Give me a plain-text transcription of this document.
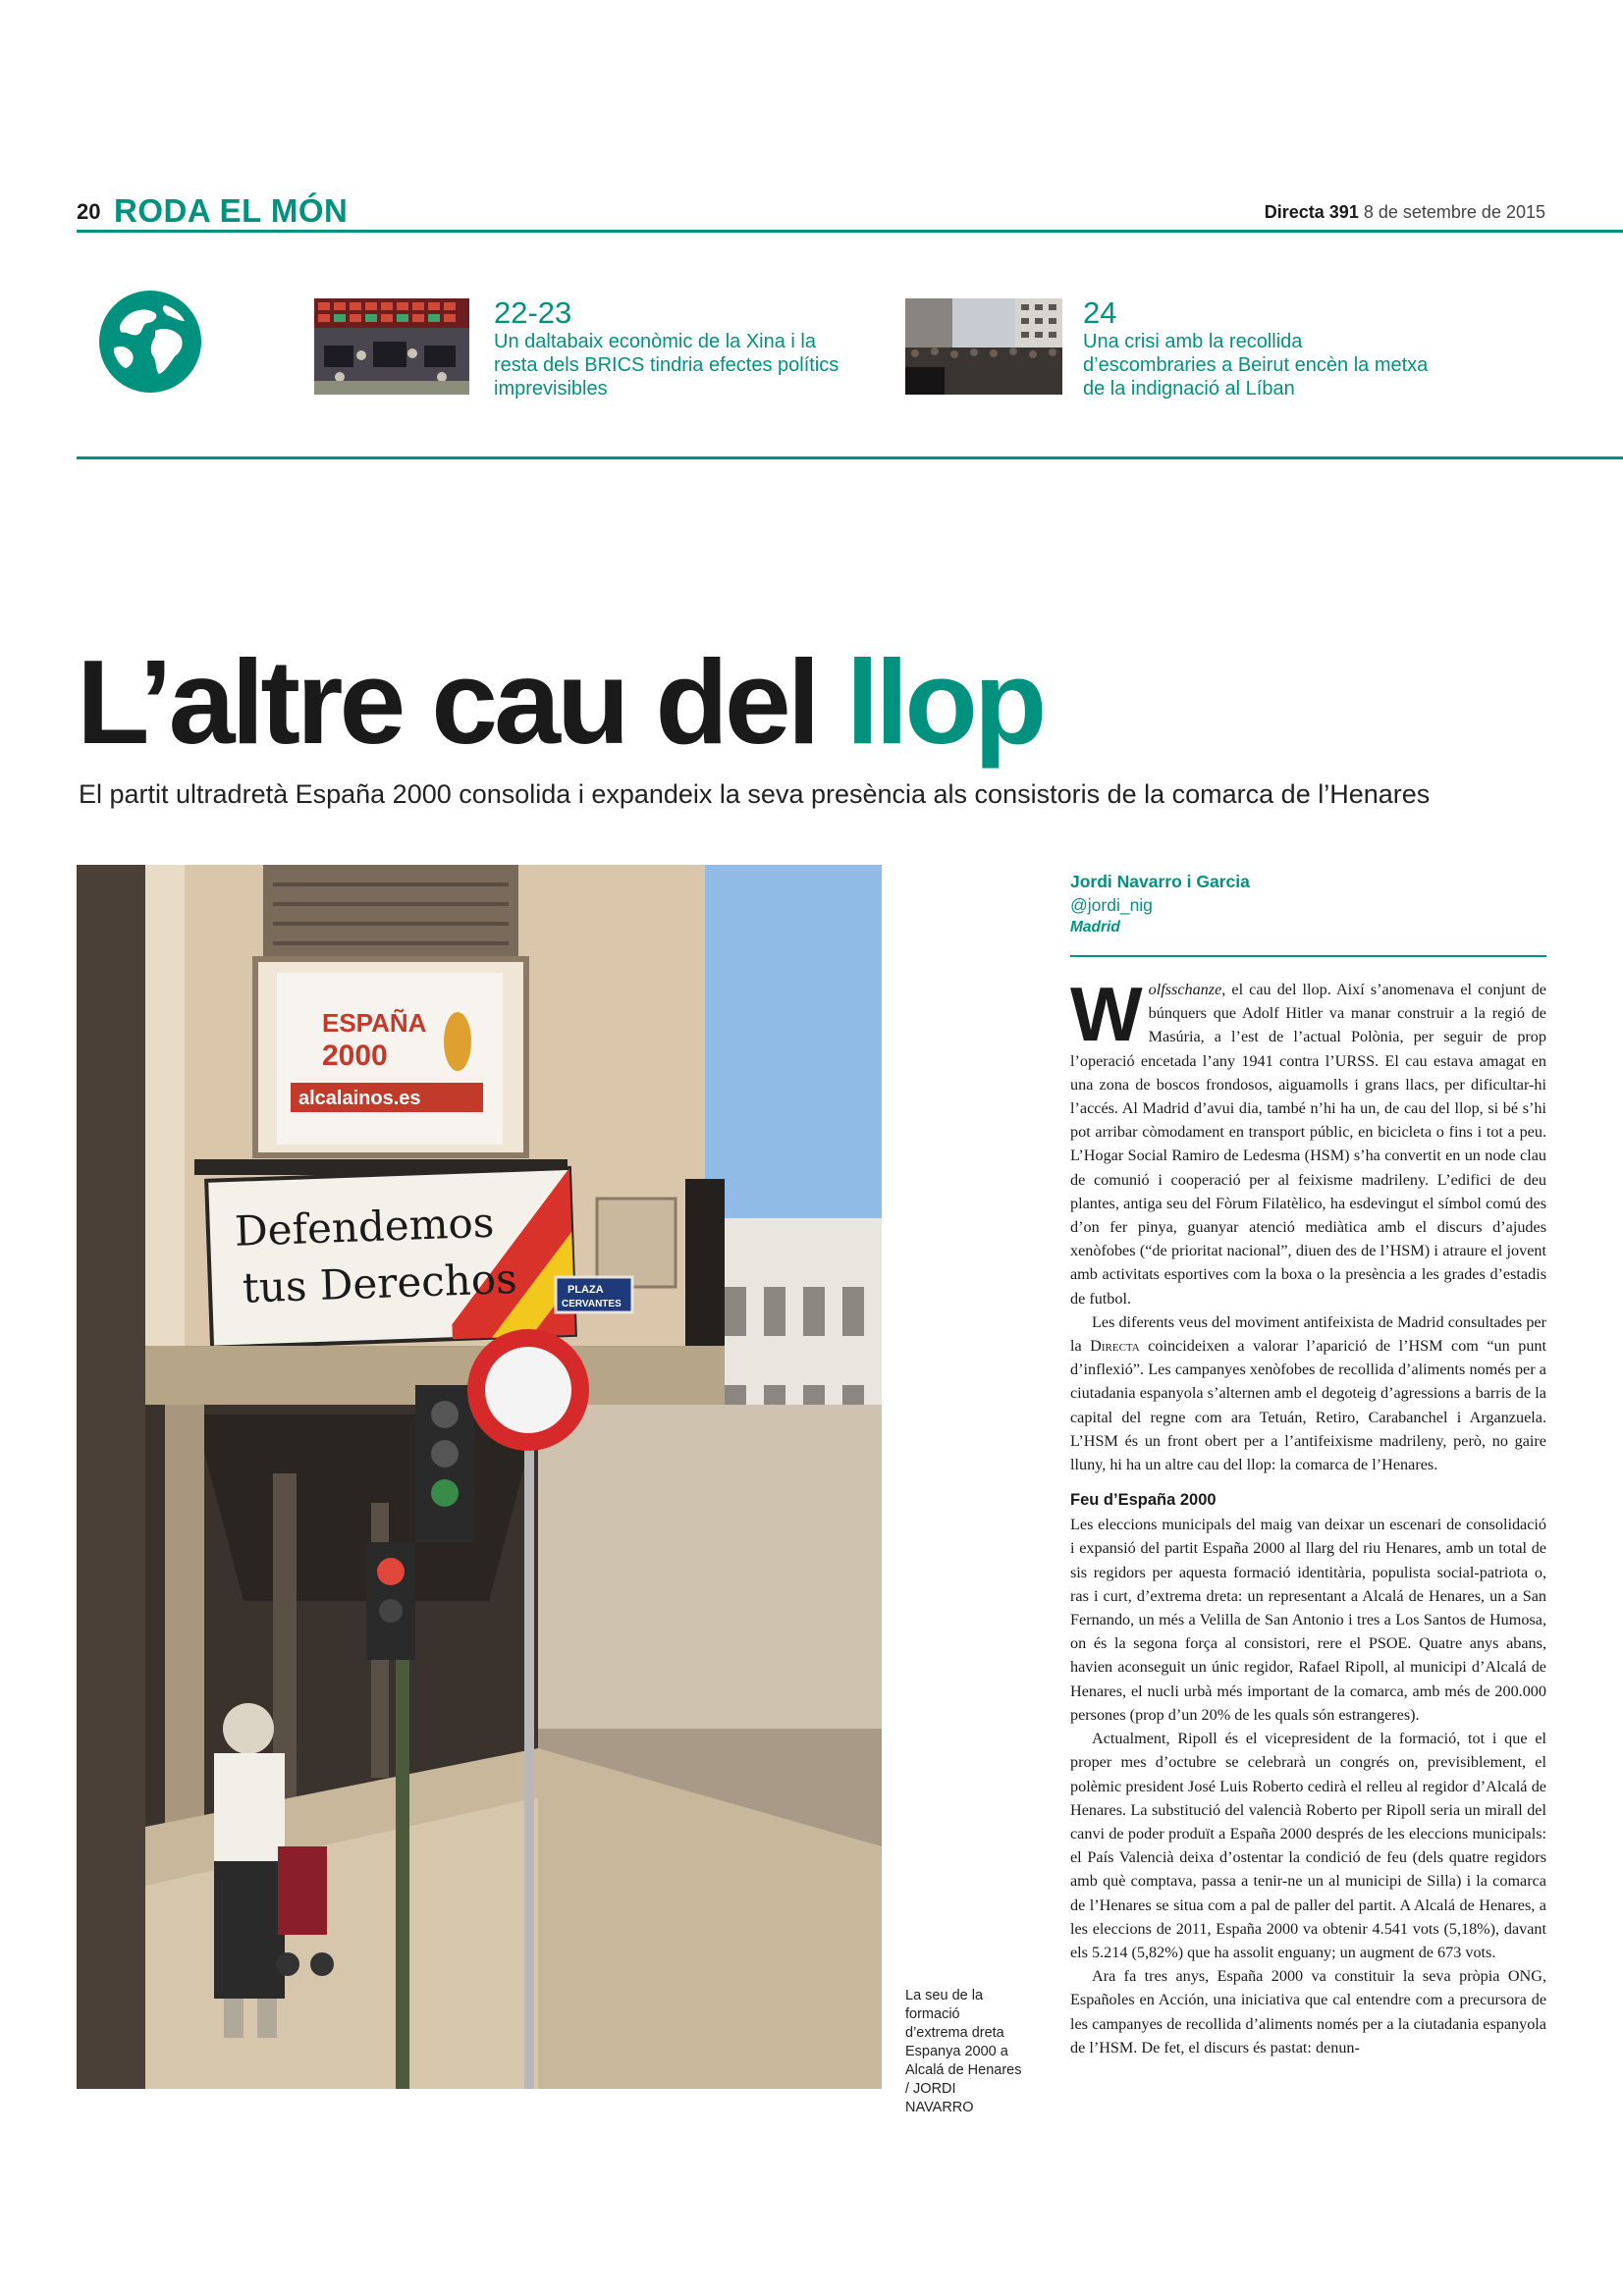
20 RODA EL MÓN	Directa 391 8 de setembre de 2015
22-23
Un daltabaix econòmic de la Xina i la resta dels BRICS tindria efectes polítics imprevisibles
24
Una crisi amb la recollida d’escombraries a Beirut encèn la metxa de la indignació al Líban
L’altre cau del llop
El partit ultradretà España 2000 consolida i expandeix la seva presència als consistoris de la comarca de l’Henares
ESPAÑA
2000
alcalainos.es
Defendemos
tus Derechos	PLAZA
CERVANTES
La seu de la formació d’extrema dreta Espanya 2000 a Alcalá de Henares / JORDI NAVARRO
Jordi Navarro i Garcia
@jordi_nig
Madrid

Wolfsschanze, el cau del llop. Així s’anomenava el conjunt de búnquers que Adolf Hitler va manar construir a la regió de Masúria, a l’est de l’actual Polònia, per seguir de prop l’operació encetada l’any 1941 contra l’URSS. El cau estava amagat en una zona de boscos frondosos, aiguamolls i grans llacs, per dificultar-hi l’accés. Al Madrid d’avui dia, també n’hi ha un, de cau del llop, si bé s’hi pot arribar còmodament en transport públic, en bicicleta o fins i tot a peu. L’Hogar Social Ramiro de Ledesma (HSM) s’ha convertit en un node clau de comunió i cooperació per al feixisme madrileny. L’edifici de deu plantes, antiga seu del Fòrum Filatèlico, ha esdevingut el símbol comú des d’on fer pinya, guanyar atenció mediàtica amb el discurs d’ajudes xenòfobes (“de prioritat nacional”, diuen des de l’HSM) i atraure el jovent amb activitats esportives com la boxa o la presència a les grades d’estadis de futbol.

Les diferents veus del moviment antifeixista de Madrid consultades per la Directa coincideixen a valorar l’aparició de l’HSM com “un punt d’inflexió”. Les campanyes xenòfobes de recollida d’aliments només per a ciutadania espanyola s’alternen amb el degoteig d’agressions a barris de la capital del regne com ara Tetuán, Retiro, Carabanchel i Arganzuela. L’HSM és un front obert per a l’antifeixisme madrileny, però, no gaire lluny, hi ha un altre cau del llop: la comarca de l’Henares.

Feu d’España 2000

Les eleccions municipals del maig van deixar un escenari de consolidació i expansió del partit España 2000 al llarg del riu Henares, amb un total de sis regidors per aquesta formació identitària, populista social-patriota o, ras i curt, d’extrema dreta: un representant a Alcalá de Henares, un a San Fernando, un més a Velilla de San Antonio i tres a Los Santos de Humosa, on és la segona força al consistori, rere el PSOE. Quatre anys abans, havien aconseguit un únic regidor, Rafael Ripoll, al municipi d’Alcalá de Henares, el nucli urbà més important de la comarca, amb més de 200.000 persones (prop d’un 20% de les quals són estrangeres).

Actualment, Ripoll és el vicepresident de la formació, tot i que el proper mes d’octubre se celebrarà un congrés on, previsiblement, el polèmic president José Luis Roberto cedirà el relleu al regidor d’Alcalá de Henares. La substitució del valencià Roberto per Ripoll seria un mirall del canvi de poder produït a España 2000 després de les eleccions municipals: el País Valencià deixa d’ostentar la condició de feu (dels quatre regidors amb què comptava, passa a tenir-ne un al municipi de Silla) i la comarca de l’Henares se situa com a pal de paller del partit. A Alcalá de Henares, a les eleccions de 2011, España 2000 va obtenir 4.541 vots (5,18%), davant els 5.214 (5,82%) que ha assolit enguany; un augment de 673 vots.

Ara fa tres anys, España 2000 va constituir la seva pròpia ONG, Españoles en Acción, una iniciativa que cal entendre com a precursora de les campanyes de recollida d’aliments només per a la ciutadania espanyola de l’HSM. De fet, el discurs és pastat: denun-
